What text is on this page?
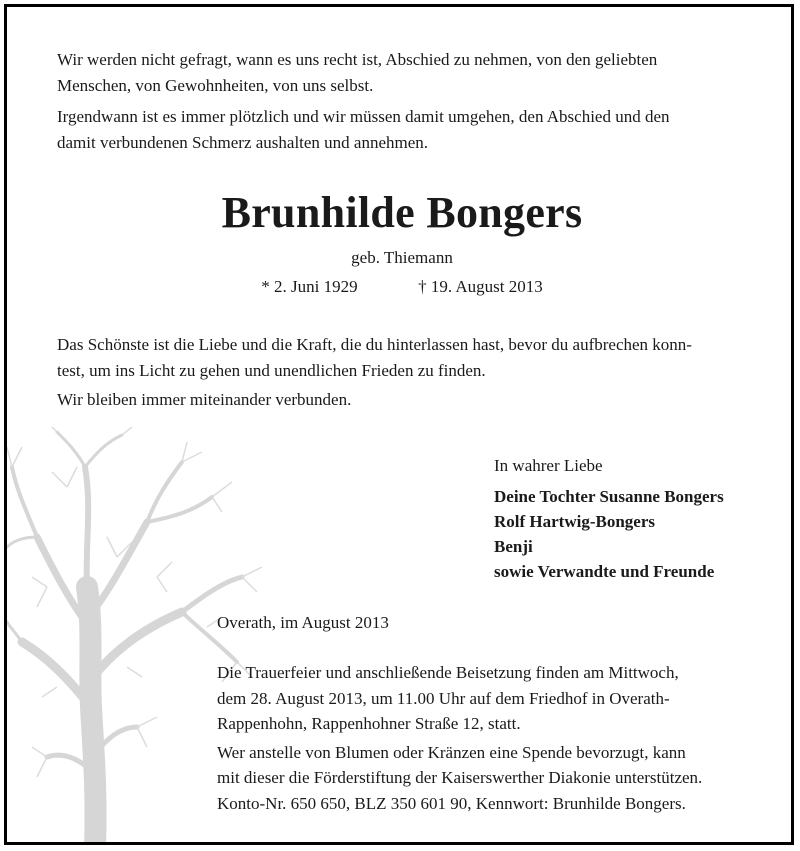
Wir werden nicht gefragt, wann es uns recht ist, Abschied zu nehmen, von den geliebten
Menschen, von Gewohnheiten, von uns selbst.
Irgendwann ist es immer plötzlich und wir müssen damit umgehen, den Abschied und den
damit verbundenen Schmerz aushalten und annehmen.
Brunhilde Bongers
geb. Thiemann
* 2. Juni 1929	† 19. August 2013
Das Schönste ist die Liebe und die Kraft, die du hinterlassen hast, bevor du aufbrechen konn-
test, um ins Licht zu gehen und unendlichen Frieden zu finden.
Wir bleiben immer miteinander verbunden.
In wahrer Liebe
Deine Tochter Susanne Bongers
Rolf Hartwig-Bongers
Benji
sowie Verwandte und Freunde
Overath, im August 2013
Die Trauerfeier und anschließende Beisetzung finden am Mittwoch,
dem 28. August 2013, um 11.00 Uhr auf dem Friedhof in Overath-
Rappenhohn, Rappenhohner Straße 12, statt.
Wer anstelle von Blumen oder Kränzen eine Spende bevorzugt, kann
mit dieser die Förderstiftung der Kaiserswerther Diakonie unterstützen.
Konto-Nr. 650 650, BLZ 350 601 90, Kennwort: Brunhilde Bongers.
